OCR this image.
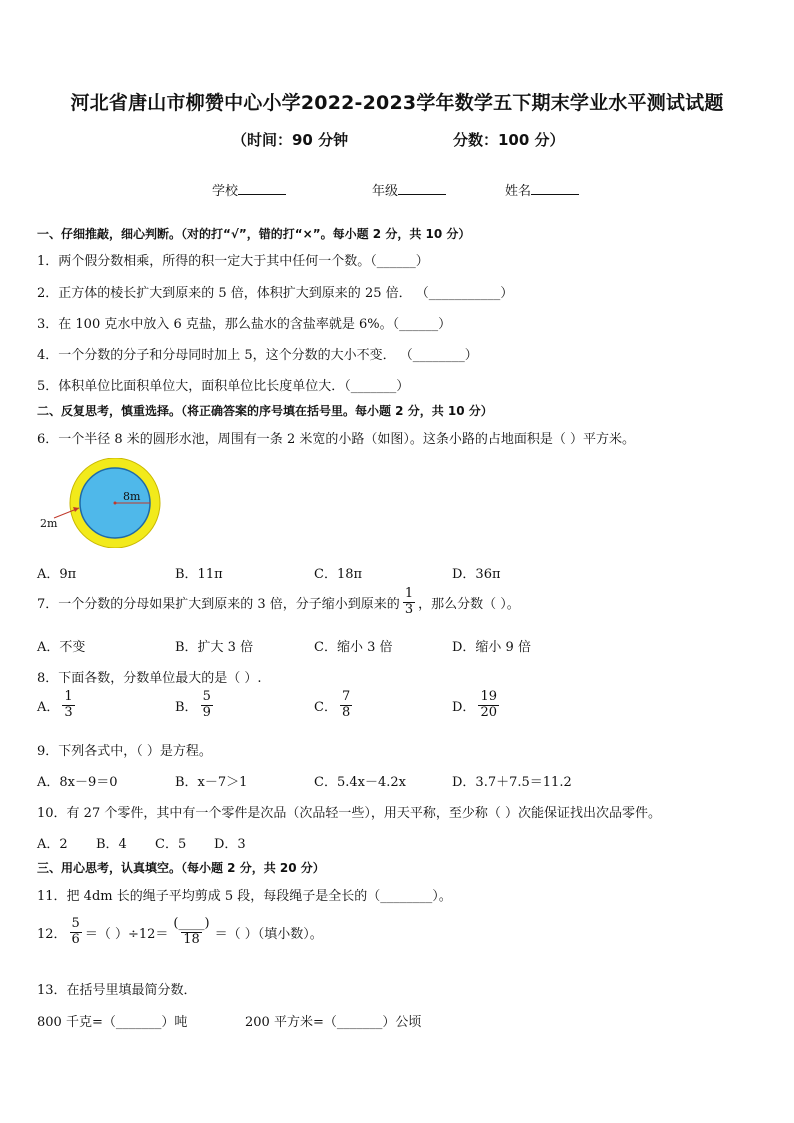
河北省唐山市柳赞中心小学2022-2023学年数学五下期末学业水平测试试题
（时间：90 分钟	分数：100 分）
学校	年级	姓名
一、仔细推敲，细心判断。（对的打“√”，错的打“×”。每小题 2 分，共 10 分）
1．两个假分数相乘，所得的积一定大于其中任何一个数。（______）
2．正方体的棱长扩大到原来的 5 倍，体积扩大到原来的 25 倍． （___________）
3．在 100 克水中放入 6 克盐，那么盐水的含盐率就是 6%。（______）
4．一个分数的分子和分母同时加上 5，这个分数的大小不变． （________）
5．体积单位比面积单位大，面积单位比长度单位大．（_______）
二、反复思考，慎重选择。（将正确答案的序号填在括号里。每小题 2 分，共 10 分）
6．一个半径 8 米的圆形水池，周围有一条 2 米宽的小路（如图）。这条小路的占地面积是（ ）平方米。
8m
2m
A．9π	B．11π	C．18π	D．36π
7．一个分数的分母如果扩大到原来的 3 倍，分子缩小到原来的 $\frac{1}{3}$ ，那么分数（ ）。
A．不变	B．扩大 3 倍	C．缩小 3 倍	D．缩小 9 倍
8．下面各数，分数单位最大的是（ ）.
A． $\frac{1}{3}$	B． $\frac{5}{9}$	C． $\frac{7}{8}$	D． $\frac{19}{20}$
9．下列各式中，（ ）是方程。
A．8x－9＝0	B．x－7＞1	C．5.4x－4.2x	D．3.7＋7.5＝11.2
10．有 27 个零件，其中有一个零件是次品（次品轻一些），用天平称，至少称（ ）次能保证找出次品零件。
A．2 B．4 C．5 D．3
三、用心思考，认真填空。（每小题 2 分，共 20 分）
11．把 4dm 长的绳子平均剪成 5 段，每段绳子是全长的（________）。
12． $\frac{5}{6}$ ＝（ ）$\div 12= \frac{(\_\_\_\_)}{18}$ ＝（ ）（填小数）。
13．在括号里填最简分数．
800 千克=（_______）吨	200 平方米=（_______）公顷
